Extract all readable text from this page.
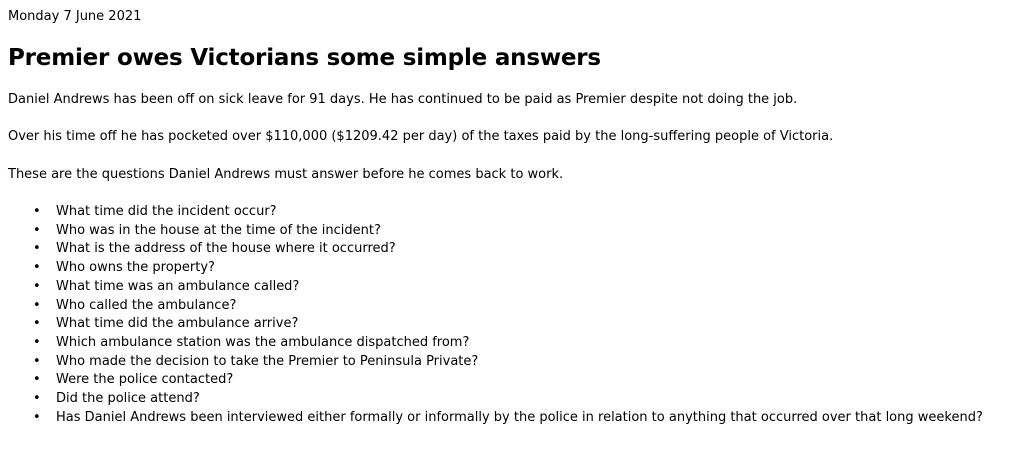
Monday 7 June 2021

Premier owes Victorians some simple answers

Daniel Andrews has been off on sick leave for 91 days. He has continued to be paid as Premier despite not doing the job.

Over his time off he has pocketed over $110,000 ($1209.42 per day) of the taxes paid by the long-suffering people of Victoria.

These are the questions Daniel Andrews must answer before he comes back to work.

• What time did the incident occur?
• Who was in the house at the time of the incident?
• What is the address of the house where it occurred?
• Who owns the property?
• What time was an ambulance called?
• Who called the ambulance?
• What time did the ambulance arrive?
• Which ambulance station was the ambulance dispatched from?
• Who made the decision to take the Premier to Peninsula Private?
• Were the police contacted?
• Did the police attend?
• Has Daniel Andrews been interviewed either formally or informally by the police in relation to anything that occurred over that long weekend?
